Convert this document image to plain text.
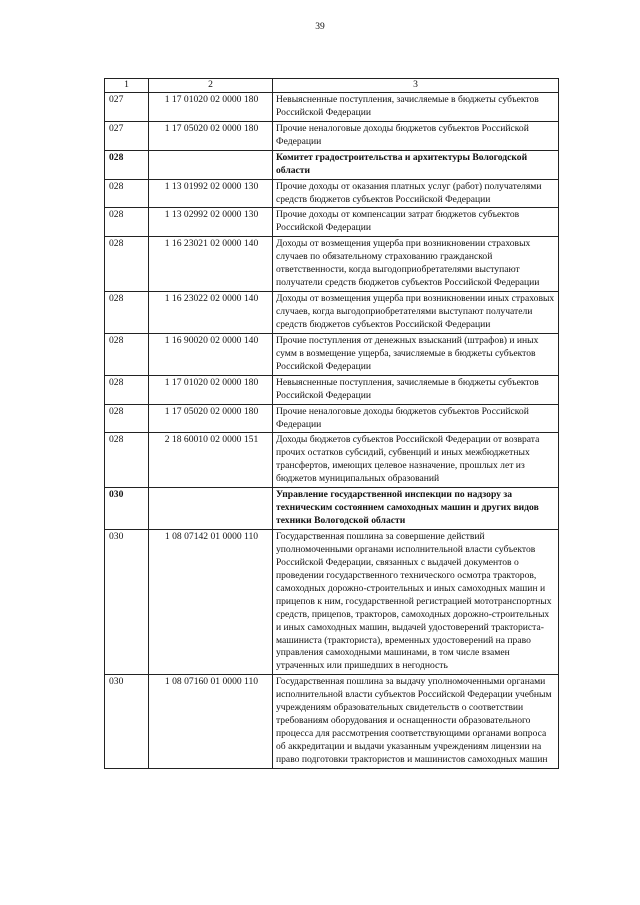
39
1	2	3
027	1 17 01020 02 0000 180	Невыясненные поступления, зачисляемые в бюджеты субъектов Российской Федерации
027	1 17 05020 02 0000 180	Прочие неналоговые доходы бюджетов субъектов Российской Федерации
028		Комитет градостроительства и архитектуры Вологодской области
028	1 13 01992 02 0000 130	Прочие доходы от оказания платных услуг (работ) получателями средств бюджетов субъектов Российской Федерации
028	1 13 02992 02 0000 130	Прочие доходы от компенсации затрат бюджетов субъектов Российской Федерации
028	1 16 23021 02 0000 140	Доходы от возмещения ущерба при возникновении страховых случаев по обязательному страхованию гражданской ответственности, когда выгодоприобретателями выступают получатели средств бюджетов субъектов Российской Федерации
028	1 16 23022 02 0000 140	Доходы от возмещения ущерба при возникновении иных страховых случаев, когда выгодоприобретателями выступают получатели средств бюджетов субъектов Российской Федерации
028	1 16 90020 02 0000 140	Прочие поступления от денежных взысканий (штрафов) и иных сумм в возмещение ущерба, зачисляемые в бюджеты субъектов Российской Федерации
028	1 17 01020 02 0000 180	Невыясненные поступления, зачисляемые в бюджеты субъектов Российской Федерации
028	1 17 05020 02 0000 180	Прочие неналоговые доходы бюджетов субъектов Российской Федерации
028	2 18 60010 02 0000 151	Доходы бюджетов субъектов Российской Федерации от возврата прочих остатков субсидий, субвенций и иных межбюджетных трансфертов, имеющих целевое назначение, прошлых лет из бюджетов муниципальных образований
030		Управление государственной инспекции по надзору за техническим состоянием самоходных машин и других видов техники Вологодской области
030	1 08 07142 01 0000 110	Государственная пошлина за совершение действий уполномоченными органами исполнительной власти субъектов Российской Федерации, связанных с выдачей документов о проведении государственного технического осмотра тракторов, самоходных дорожно-строительных и иных самоходных машин и прицепов к ним, государственной регистрацией мототранспортных средств, прицепов, тракторов, самоходных дорожно-строительных и иных самоходных машин, выдачей удостоверений тракториста-машиниста (тракториста), временных удостоверений на право управления самоходными машинами, в том числе взамен утраченных или пришедших в негодность
030	1 08 07160 01 0000 110	Государственная пошлина за выдачу уполномоченными органами исполнительной власти субъектов Российской Федерации учебным учреждениям образовательных свидетельств о соответствии требованиям оборудования и оснащенности образовательного процесса для рассмотрения соответствующими органами вопроса об аккредитации и выдачи указанным учреждениям лицензии на право подготовки трактористов и машинистов самоходных машин
